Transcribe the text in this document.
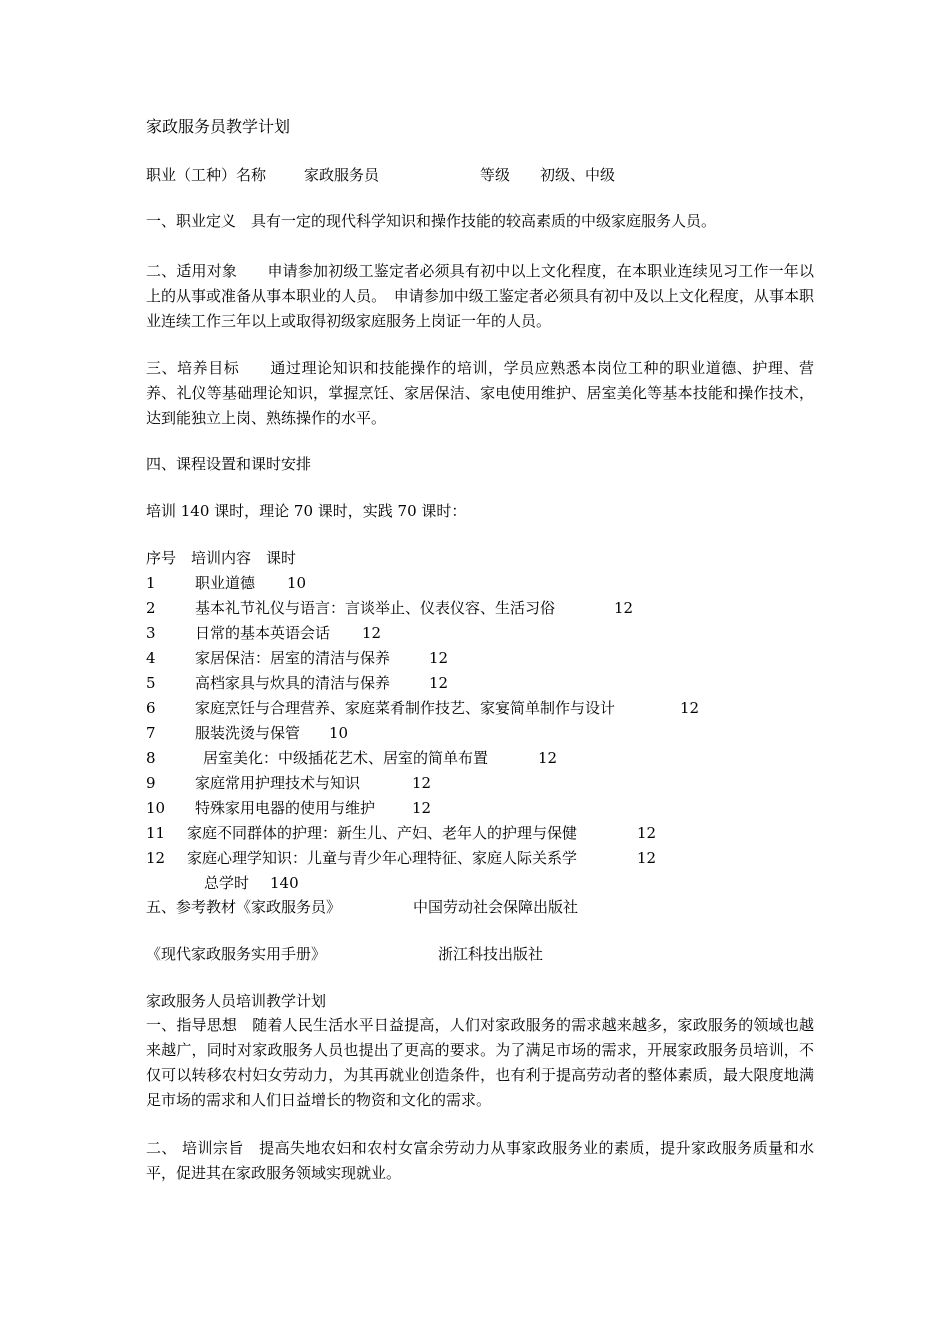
家政服务员教学计划
职业（工种）名称	家政服务员	等级 初级、中级
一、职业定义　具有一定的现代科学知识和操作技能的较高素质的中级家庭服务人员。
二、适用对象　　申请参加初级工鉴定者必须具有初中以上文化程度，在本职业连续见习工作一年以上的从事或准备从事本职业的人员。　申请参加中级工鉴定者必须具有初中及以上文化程度，从事本职业连续工作三年以上或取得初级家庭服务上岗证一年的人员。
三、培养目标　　通过理论知识和技能操作的培训，学员应熟悉本岗位工种的职业道德、护理、营养、礼仪等基础理论知识，掌握烹饪、家居保洁、家电使用维护、居室美化等基本技能和操作技术，达到能独立上岗、熟练操作的水平。
四、课程设置和课时安排
培训 140 课时，理论 70 课时，实践 70 课时：
序号　培训内容　课时
1	职业道德 10
2	基本礼节礼仪与语言：言谈举止、仪表仪容、生活习俗	12
3	日常的基本英语会话 12
4	家居保洁：居室的清洁与保养	12
5	高档家具与炊具的清洁与保养	12
6	家庭烹饪与合理营养、家庭菜肴制作技艺、家宴简单制作与设计	12
7	服装洗烫与保管 10
8	居室美化：中级插花艺术、居室的简单布置	12
9	家庭常用护理技术与知识	12
10 特殊家用电器的使用与维护 12
11 家庭不同群体的护理：新生儿、产妇、老年人的护理与保健	12
12 家庭心理学知识：儿童与青少年心理特征、家庭人际关系学	12
总学时 140
五、参考教材《家政服务员》	中国劳动社会保障出版社
《现代家政服务实用手册》	浙江科技出版社
家政服务人员培训教学计划
一、指导思想　随着人民生活水平日益提高，人们对家政服务的需求越来越多，家政服务的领域也越来越广，同时对家政服务人员也提出了更高的要求。为了满足市场的需求，开展家政服务员培训，不仅可以转移农村妇女劳动力，为其再就业创造条件，也有利于提高劳动者的整体素质，最大限度地满足市场的需求和人们日益增长的物资和文化的需求。
二、 培训宗旨　提高失地农妇和农村女富余劳动力从事家政服务业的素质，提升家政服务质量和水平，促进其在家政服务领域实现就业。
